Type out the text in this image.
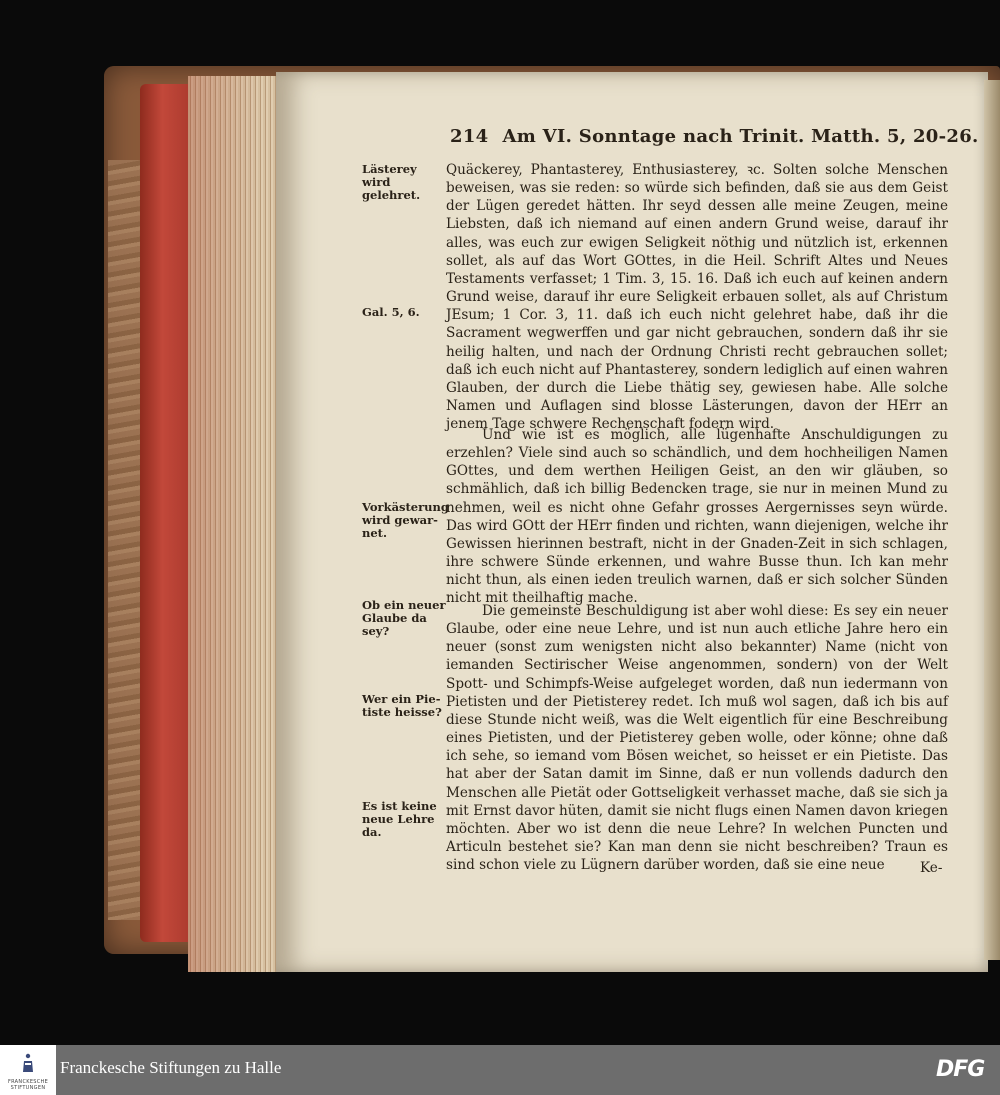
214 Am VI. Sonntage nach Trinit. Matth. 5, 20-26.
Lästerey wird
gelehret.
Gal. 5, 6.
Vorkästerung
wird gewar-
net.
Ob ein neuer
Glaube da
sey?
Wer ein Pie-
tiste heisse?
Es ist keine
neue Lehre da.

Quäckerey, Phantasterey, Enthusiasterey, ꝛc. Solten solche Menschen beweisen, was sie reden: so würde sich befinden, daß sie aus dem Geist der Lügen geredet hätten. Ihr seyd dessen alle meine Zeugen, meine Liebsten, daß ich niemand auf einen andern Grund weise, darauf ihr alles, was euch zur ewigen Seligkeit nöthig und nützlich ist, erkennen sollet, als auf das Wort GOttes, in die Heil. Schrift Altes und Neues Testaments verfasset; 1 Tim. 3, 15. 16. Daß ich euch auf keinen andern Grund weise, darauf ihr eure Seligkeit erbauen sollet, als auf Christum JEsum; 1 Cor. 3, 11. daß ich euch nicht gelehret habe, daß ihr die Sacrament wegwerffen und gar nicht gebrauchen, sondern daß ihr sie heilig halten, und nach der Ordnung Christi recht gebrauchen sollet; daß ich euch nicht auf Phantasterey, sondern lediglich auf einen wahren Glauben, der durch die Liebe thätig sey, gewiesen habe. Alle solche Namen und Auflagen sind blosse Lästerungen, davon der HErr an jenem Tage schwere Rechenschaft fodern wird.

Und wie ist es möglich, alle lügenhafte Anschuldigungen zu erzehlen? Viele sind auch so schändlich, und dem hochheiligen Namen GOttes, und dem werthen Heiligen Geist, an den wir gläuben, so schmählich, daß ich billig Bedencken trage, sie nur in meinen Mund zu nehmen, weil es nicht ohne Gefahr grosses Aergernisses seyn würde. Das wird GOtt der HErr finden und richten, wann diejenigen, welche ihr Gewissen hierinnen bestraft, nicht in der Gnaden-Zeit in sich schlagen, ihre schwere Sünde erkennen, und wahre Busse thun. Ich kan mehr nicht thun, als einen ieden treulich warnen, daß er sich solcher Sünden nicht mit theilhaftig mache.

Die gemeinste Beschuldigung ist aber wohl diese: Es sey ein neuer Glaube, oder eine neue Lehre, und ist nun auch etliche Jahre hero ein neuer (sonst zum wenigsten nicht also bekannter) Name (nicht von iemanden Sectirischer Weise angenommen, sondern) von der Welt Spott- und Schimpfs-Weise aufgeleget worden, daß nun iedermann von Pietisten und der Pietisterey redet. Ich muß wol sagen, daß ich bis auf diese Stunde nicht weiß, was die Welt eigentlich für eine Beschreibung eines Pietisten, und der Pietisterey geben wolle, oder könne; ohne daß ich sehe, so iemand vom Bösen weichet, so heisset er ein Pietiste. Das hat aber der Satan damit im Sinne, daß er nun vollends dadurch den Menschen alle Pietät oder Gottseligkeit verhasset mache, daß sie sich ja mit Ernst davor hüten, damit sie nicht flugs einen Namen davon kriegen möchten. Aber wo ist denn die neue Lehre? In welchen Puncten und Articuln bestehet sie? Kan man denn sie nicht beschreiben? Traun es sind schon viele zu Lügnern darüber worden, daß sie eine neue	Ke-
FRANCKESCHE STIFTUNGEN
Franckesche Stiftungen zu Halle	DFG
